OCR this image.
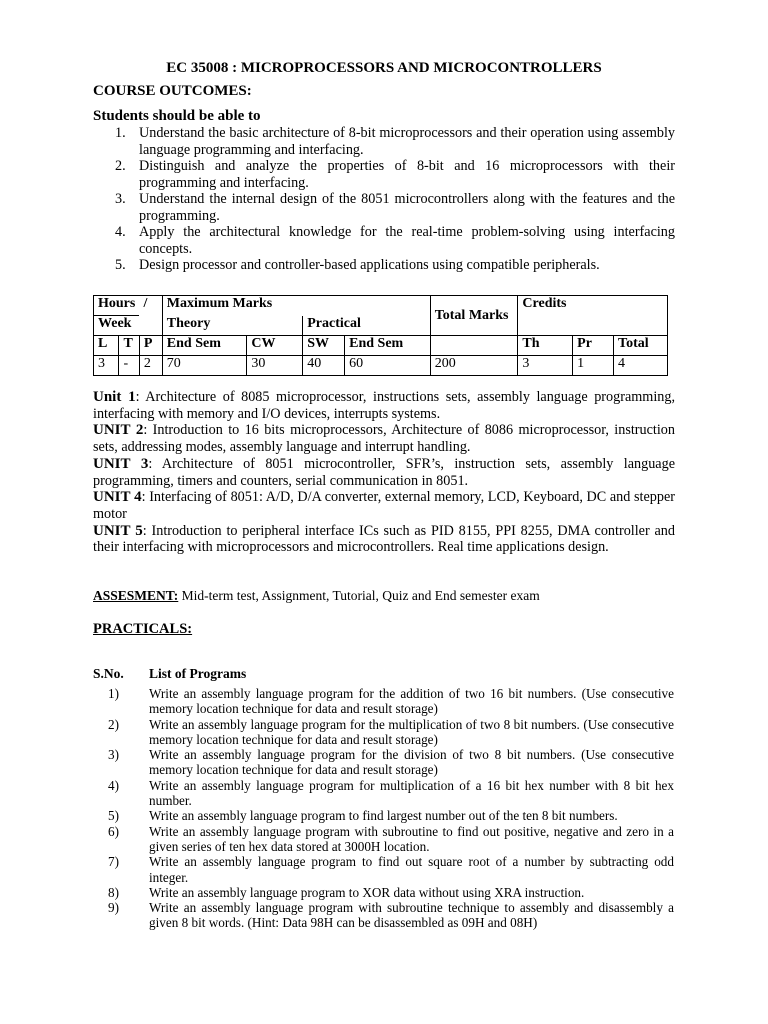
EC 35008 : MICROPROCESSORS AND MICROCONTROLLERS

COURSE OUTCOMES:

Students should be able to

1. Understand the basic architecture of 8-bit microprocessors and their operation using assembly language programming and interfacing.
2. Distinguish and analyze the properties of 8-bit and 16 microprocessors with their programming and interfacing.
3. Understand the internal design of the 8051 microcontrollers along with the features and the programming.
4. Apply the architectural knowledge for the real-time problem-solving using interfacing concepts.
5. Design processor and controller-based applications using compatible peripherals.
Hours /			Maximum Marks				Total Marks	Credits		
Week			Theory		Practical					
L	T	P	End Sem	CW	SW	End Sem		Th	Pr	Total
3	-	2	70	30	40	60	200	3	1	4

Unit 1: Architecture of 8085 microprocessor, instructions sets, assembly language programming, interfacing with memory and I/O devices, interrupts systems.

UNIT 2: Introduction to 16 bits microprocessors, Architecture of 8086 microprocessor, instruction sets, addressing modes, assembly language and interrupt handling.

UNIT 3: Architecture of 8051 microcontroller, SFR’s, instruction sets, assembly language programming, timers and counters, serial communication in 8051.

UNIT 4: Interfacing of 8051: A/D, D/A converter, external memory, LCD, Keyboard, DC and stepper motor

UNIT 5: Introduction to peripheral interface ICs such as PID 8155, PPI 8255, DMA controller and their interfacing with microprocessors and microcontrollers. Real time applications design.

ASSESMENT: Mid-term test, Assignment, Tutorial, Quiz and End semester exam

PRACTICALS:

S.No. List of Programs
1) Write an assembly language program for the addition of two 16 bit numbers. (Use consecutive memory location technique for data and result storage)
2) Write an assembly language program for the multiplication of two 8 bit numbers. (Use consecutive memory location technique for data and result storage)
3) Write an assembly language program for the division of two 8 bit numbers. (Use consecutive memory location technique for data and result storage)
4) Write an assembly language program for multiplication of a 16 bit hex number with 8 bit hex number.
5) Write an assembly language program to find largest number out of the ten 8 bit numbers.
6) Write an assembly language program with subroutine to find out positive, negative and zero in a given series of ten hex data stored at 3000H location.
7) Write an assembly language program to find out square root of a number by subtracting odd integer.
8) Write an assembly language program to XOR data without using XRA instruction.
9) Write an assembly language program with subroutine technique to assembly and disassembly a given 8 bit words. (Hint: Data 98H can be disassembled as 09H and 08H)
